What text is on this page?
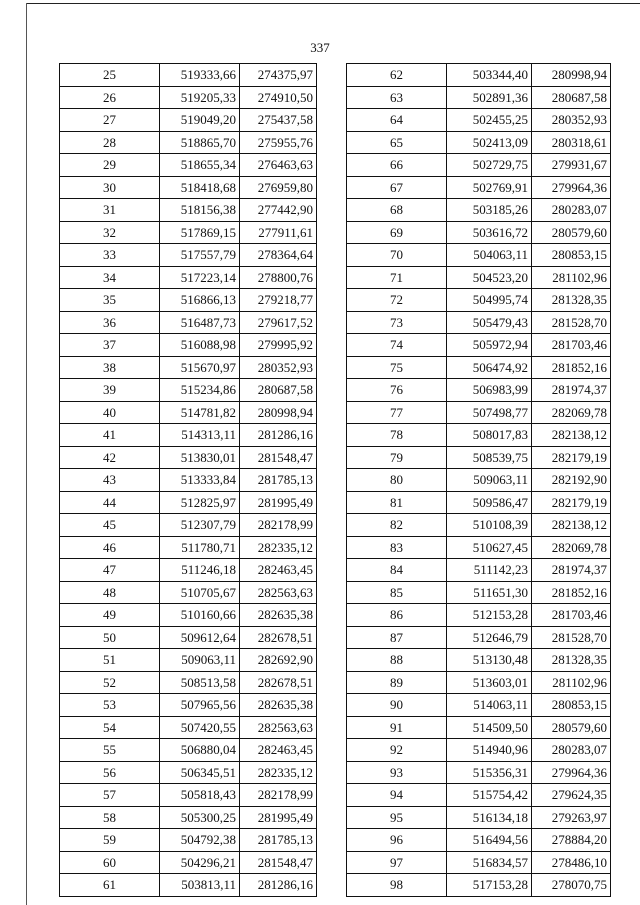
337
25	519333,66	274375,97
26	519205,33	274910,50
27	519049,20	275437,58
28	518865,70	275955,76
29	518655,34	276463,63
30	518418,68	276959,80
31	518156,38	277442,90
32	517869,15	277911,61
33	517557,79	278364,64
34	517223,14	278800,76
35	516866,13	279218,77
36	516487,73	279617,52
37	516088,98	279995,92
38	515670,97	280352,93
39	515234,86	280687,58
40	514781,82	280998,94
41	514313,11	281286,16
42	513830,01	281548,47
43	513333,84	281785,13
44	512825,97	281995,49
45	512307,79	282178,99
46	511780,71	282335,12
47	511246,18	282463,45
48	510705,67	282563,63
49	510160,66	282635,38
50	509612,64	282678,51
51	509063,11	282692,90
52	508513,58	282678,51
53	507965,56	282635,38
54	507420,55	282563,63
55	506880,04	282463,45
56	506345,51	282335,12
57	505818,43	282178,99
58	505300,25	281995,49
59	504792,38	281785,13
60	504296,21	281548,47
61	503813,11	281286,16
62	503344,40	280998,94
63	502891,36	280687,58
64	502455,25	280352,93
65	502413,09	280318,61
66	502729,75	279931,67
67	502769,91	279964,36
68	503185,26	280283,07
69	503616,72	280579,60
70	504063,11	280853,15
71	504523,20	281102,96
72	504995,74	281328,35
73	505479,43	281528,70
74	505972,94	281703,46
75	506474,92	281852,16
76	506983,99	281974,37
77	507498,77	282069,78
78	508017,83	282138,12
79	508539,75	282179,19
80	509063,11	282192,90
81	509586,47	282179,19
82	510108,39	282138,12
83	510627,45	282069,78
84	511142,23	281974,37
85	511651,30	281852,16
86	512153,28	281703,46
87	512646,79	281528,70
88	513130,48	281328,35
89	513603,01	281102,96
90	514063,11	280853,15
91	514509,50	280579,60
92	514940,96	280283,07
93	515356,31	279964,36
94	515754,42	279624,35
95	516134,18	279263,97
96	516494,56	278884,20
97	516834,57	278486,10
98	517153,28	278070,75
